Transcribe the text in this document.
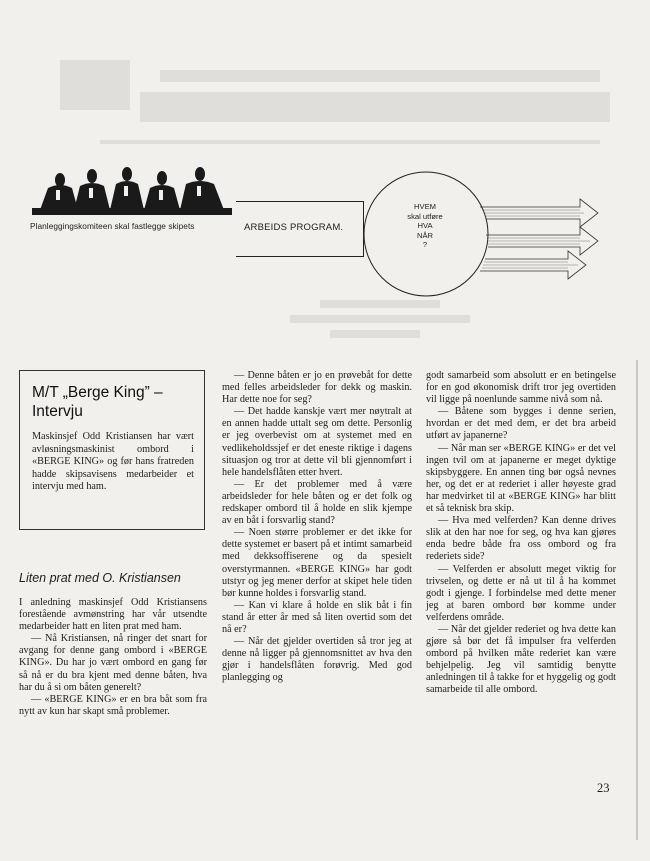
Planleggingskomiteen skal fastlegge skipets	ARBEIDS PROGRAM.
HVEM
skal utføre
HVA
NÅR
?
M/T „Berge King” – Intervju

Maskinsjef Odd Kristiansen har vært avløsningsmaskinist ombord i «BERGE KING» og før hans fratreden hadde skipsavisens medarbeider et intervju med ham.

Liten prat med O. Kristiansen

I anledning maskinsjef Odd Kristiansens forestående avmønstring har vår utsendte medarbeider hatt en liten prat med ham.

— Nå Kristiansen, nå ringer det snart for avgang for denne gang ombord i «BERGE KING». Du har jo vært ombord en gang før så nå er du bra kjent med denne båten, hva har du å si om båten generelt?

— «BERGE KING» er en bra båt som fra nytt av kun har skapt små problemer.

— Denne båten er jo en prøvebåt for dette med felles arbeidsleder for dekk og maskin. Har dette noe for seg?

— Det hadde kanskje vært mer nøytralt at en annen hadde uttalt seg om dette. Personlig er jeg overbevist om at systemet med en vedlikeholdssjef er det eneste riktige i dagens situasjon og tror at dette vil bli gjennomført i hele handelsflåten etter hvert.

— Er det problemer med å være arbeidsleder for hele båten og er det folk og redskaper ombord til å holde en slik kjempe av en båt i forsvarlig stand?

— Noen større problemer er det ikke for dette systemet er basert på et intimt samarbeid med dekksoffiserene og da spesielt overstyrmannen. «BERGE KING» har godt utstyr og jeg mener derfor at skipet hele tiden bør kunne holdes i forsvarlig stand.

— Kan vi klare å holde en slik båt i fin stand år etter år med så liten overtid som det nå er?

— Når det gjelder overtiden så tror jeg at denne nå ligger på gjennomsnittet av hva den gjør i handelsflåten forøvrig. Med god planlegging og

godt samarbeid som absolutt er en betingelse for en god økonomisk drift tror jeg overtiden vil ligge på noenlunde samme nivå som nå.

— Båtene som bygges i denne serien, hvordan er det med dem, er det bra arbeid utført av japanerne?

— Når man ser «BERGE KING» er det vel ingen tvil om at japanerne er meget dyktige skipsbyggere. En annen ting bør også nevnes her, og det er at rederiet i aller høyeste grad har medvirket til at «BERGE KING» har blitt et så teknisk bra skip.

— Hva med velferden? Kan denne drives slik at den har noe for seg, og hva kan gjøres enda bedre både fra oss ombord og fra rederiets side?

— Velferden er absolutt meget viktig for trivselen, og dette er nå ut til å ha kommet godt i gjenge. I forbindelse med dette mener jeg at baren ombord bør komme under velferdens område.

— Når det gjelder rederiet og hva dette kan gjøre så bør det få impulser fra velferden ombord på hvilken måte rederiet kan være behjelpelig. Jeg vil samtidig benytte anledningen til å takke for et hyggelig og godt samarbeide til alle ombord.

23
